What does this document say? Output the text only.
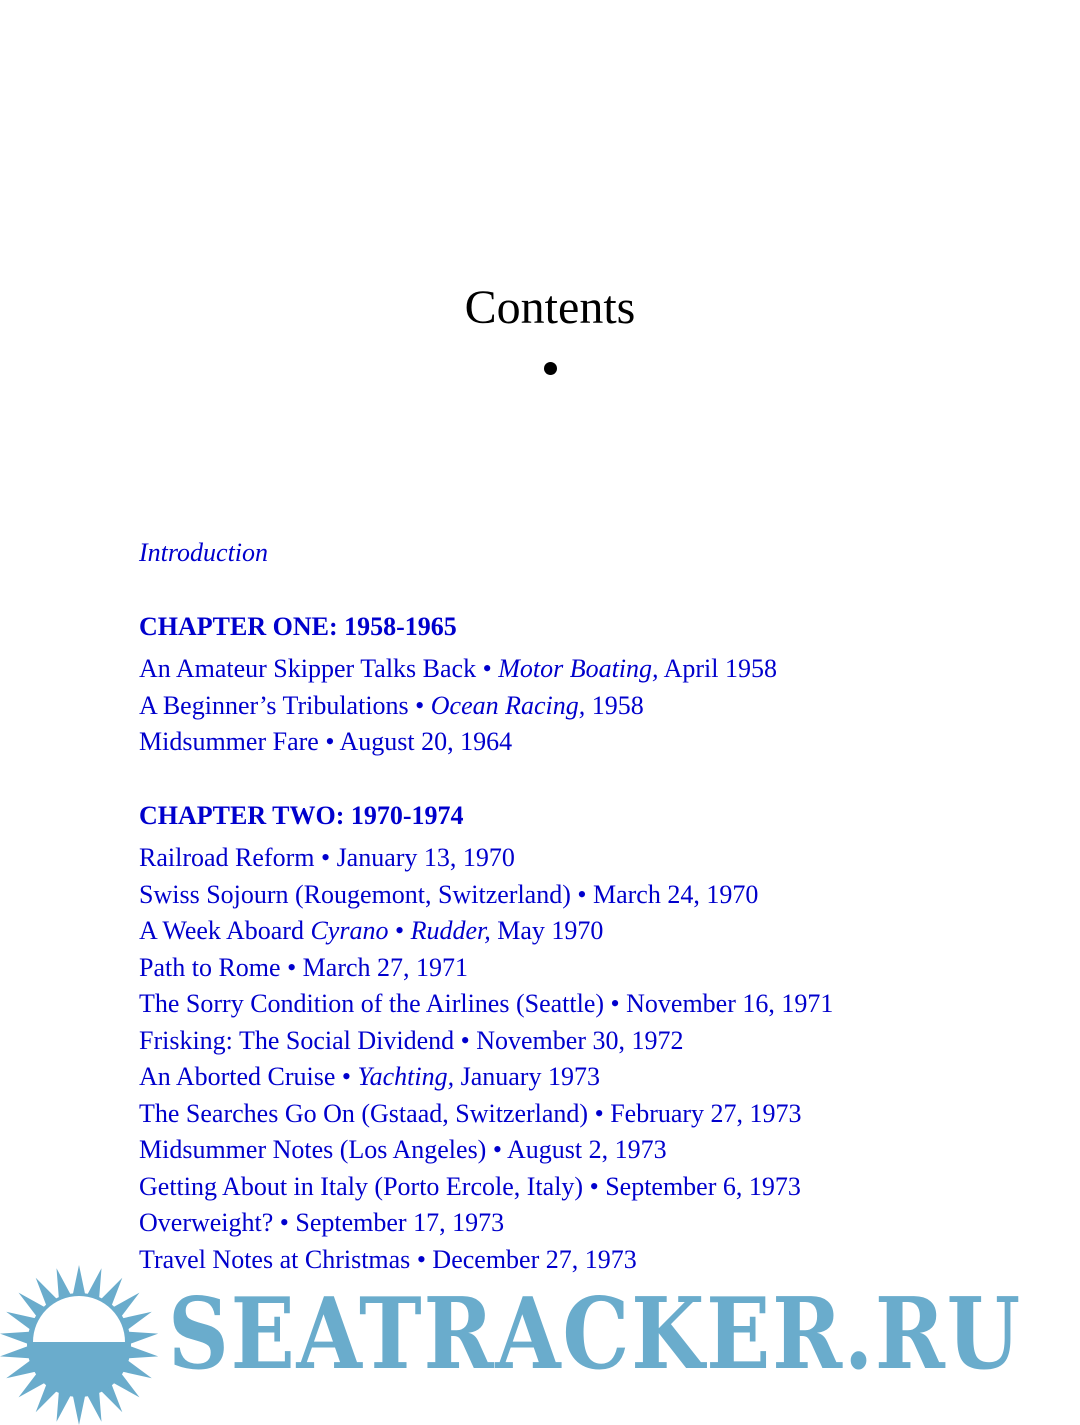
Contents
Introduction
CHAPTER ONE: 1958-1965
An Amateur Skipper Talks Back • Motor Boating, April 1958
A Beginner’s Tribulations • Ocean Racing, 1958
Midsummer Fare • August 20, 1964
CHAPTER TWO: 1970-1974
Railroad Reform • January 13, 1970
Swiss Sojourn (Rougemont, Switzerland) • March 24, 1970
A Week Aboard Cyrano • Rudder, May 1970
Path to Rome • March 27, 1971
The Sorry Condition of the Airlines (Seattle) • November 16, 1971
Frisking: The Social Dividend • November 30, 1972
An Aborted Cruise • Yachting, January 1973
The Searches Go On (Gstaad, Switzerland) • February 27, 1973
Midsummer Notes (Los Angeles) • August 2, 1973
Getting About in Italy (Porto Ercole, Italy) • September 6, 1973
Overweight? • September 17, 1973
Travel Notes at Christmas • December 27, 1973
SEATRACKER.RU
